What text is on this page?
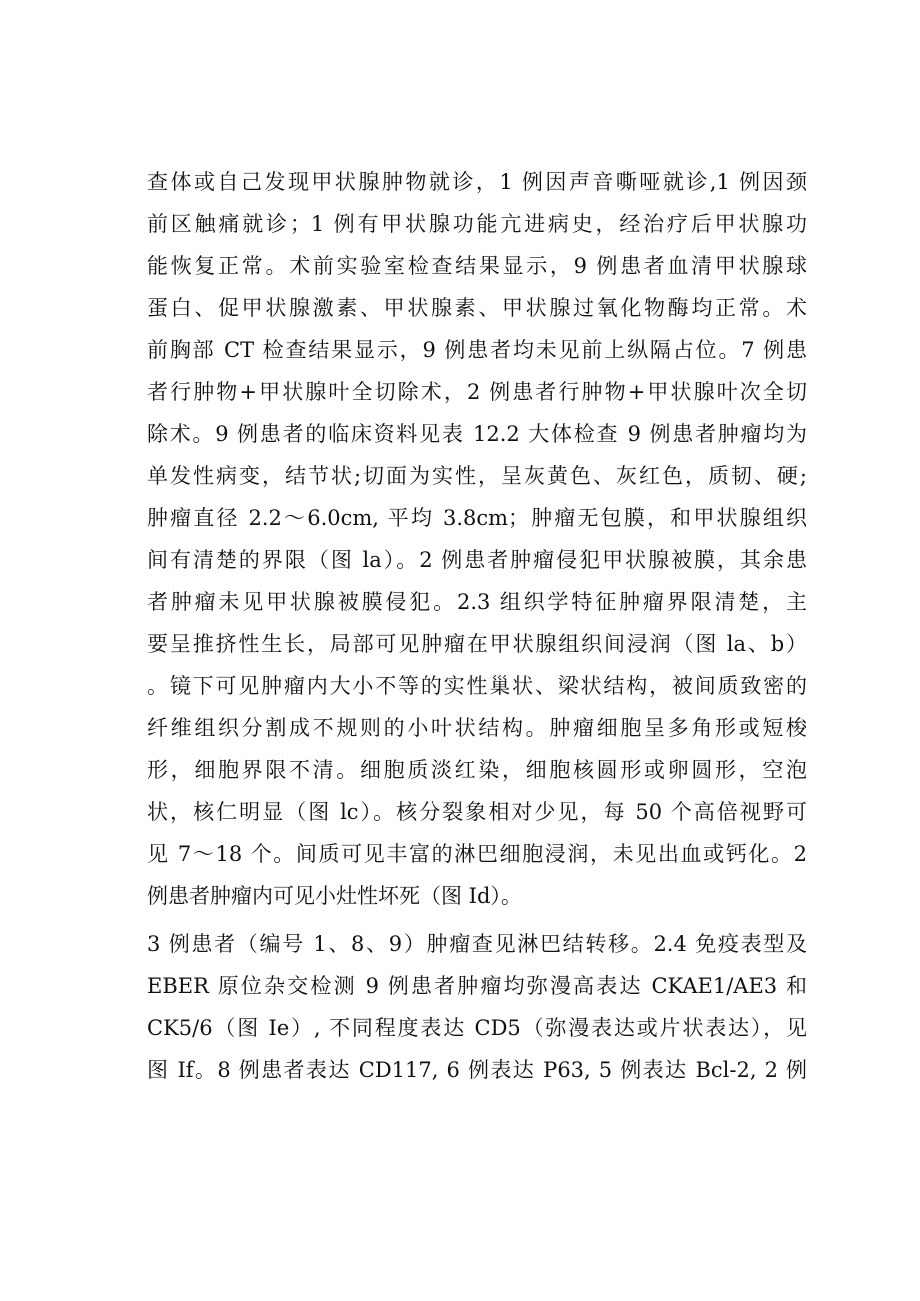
查体或自己发现甲状腺肿物就诊，1 例因声音嘶哑就诊,1 例因颈
前区触痛就诊；1 例有甲状腺功能亢进病史，经治疗后甲状腺功
能恢复正常。术前实验室检查结果显示，9 例患者血清甲状腺球
蛋白、促甲状腺激素、甲状腺素、甲状腺过氧化物酶均正常。术
前胸部 CT 检查结果显示，9 例患者均未见前上纵隔占位。7 例患
者行肿物+甲状腺叶全切除术，2 例患者行肿物+甲状腺叶次全切
除术。9 例患者的临床资料见表 12.2 大体检查 9 例患者肿瘤均为
单发性病变，结节状;切面为实性，呈灰黄色、灰红色，质韧、硬;
肿瘤直径 2.2～6.0cm, 平均 3.8cm；肿瘤无包膜，和甲状腺组织
间有清楚的界限（图 la）。2 例患者肿瘤侵犯甲状腺被膜，其余患
者肿瘤未见甲状腺被膜侵犯。2.3 组织学特征肿瘤界限清楚，主
要呈推挤性生长，局部可见肿瘤在甲状腺组织间浸润（图 la、b）
。镜下可见肿瘤内大小不等的实性巢状、梁状结构，被间质致密的
纤维组织分割成不规则的小叶状结构。肿瘤细胞呈多角形或短梭
形，细胞界限不清。细胞质淡红染，细胞核圆形或卵圆形，空泡
状，核仁明显（图 lc）。核分裂象相对少见，每 50 个高倍视野可
见 7～18 个。间质可见丰富的淋巴细胞浸润，未见出血或钙化。2
例患者肿瘤内可见小灶性坏死（图 Id）。
3 例患者（编号 1、8、9）肿瘤查见淋巴结转移。2.4 免疫表型及
EBER 原位杂交检测 9 例患者肿瘤均弥漫高表达 CKAE1/AE3 和
CK5/6（图 Ie）, 不同程度表达 CD5（弥漫表达或片状表达），见
图 If。8 例患者表达 CD117, 6 例表达 P63, 5 例表达 Bcl-2, 2 例
